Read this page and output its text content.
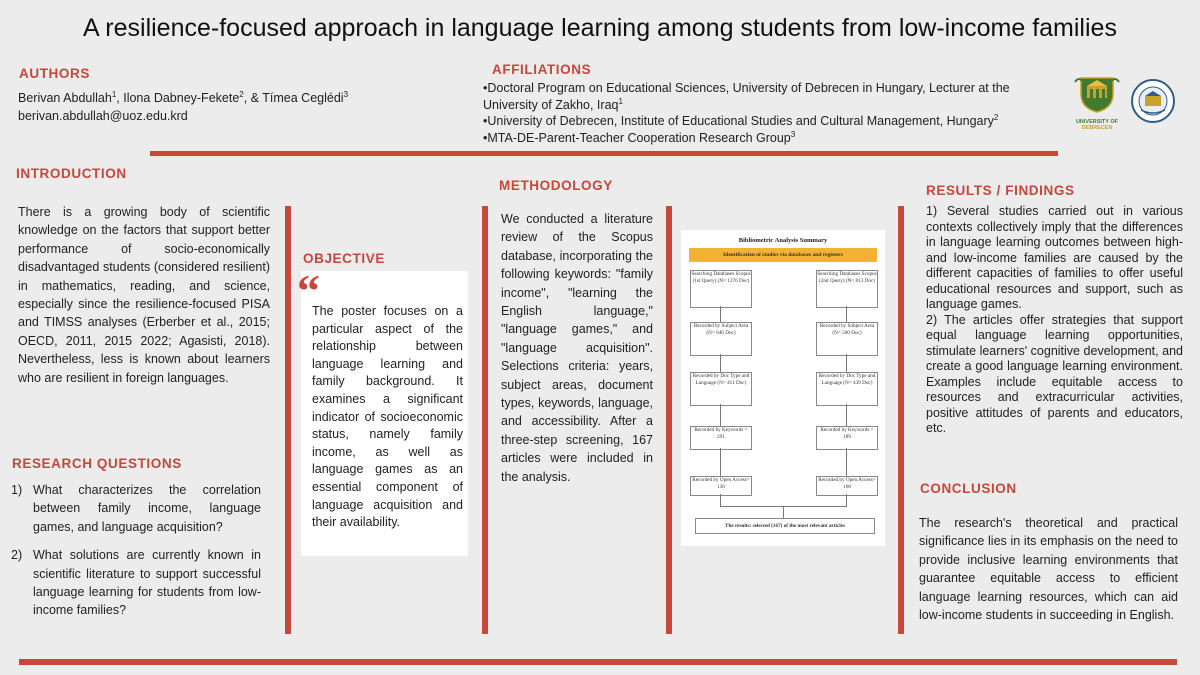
A resilience-focused approach in language learning among students from low-income families
AUTHORS
Berivan Abdullah$^1$, Ilona Dabney-Fekete$^2$, & Tímea Ceglédi$^3$
berivan.abdullah@uoz.edu.krd
AFFILIATIONS
•Doctoral Program on Educational Sciences, University of Debrecen in Hungary, Lecturer at the
University of Zakho, Iraq$^1$
•University of Debrecen, Institute of Educational Studies and Cultural Management, Hungary$^2$
•MTA-DE-Parent-Teacher Cooperation Research Group$^3$
UNIVERSITY OF
DEBRECEN
INTRODUCTION
There is a growing body of scientific knowledge on the factors that support better performance of socio-economically disadvantaged students (considered resilient) in mathematics, reading, and science, especially since the resilience-focused PISA and TIMSS analyses (Erberber et al., 2015; OECD, 2011, 2015 2022; Agasisti, 2018). Nevertheless, less is known about learners who are resilient in foreign languages.
RESEARCH QUESTIONS
1) What characterizes the correlation between family income, language games, and language acquisition?
2) What solutions are currently known in scientific literature to support successful language learning for students from low-income families?
OBJECTIVE
“
The poster focuses on a particular aspect of the relationship between language learning and family background. It examines a significant indicator of socioeconomic status, namely family income, as well as language games as an essential component of language acquisition and their availability.
METHODOLOGY
We conducted a literature review of the Scopus database, incorporating the following keywords: "family income", "learning the English language," "language games," and "language acquisition". Selections criteria: years, subject areas, document types, keywords, language, and accessibility. After a three-step screening, 167 articles were included in the analysis.
Bibliometric Analysis Summary
Identification of studies via databases and registers
Searching Databases Scopus (1st Query) (N= 1276 Doc)
Recorded by Subject Area (N= 646 Doc)
Recorded by Doc Type and Language (N= 411 Doc)
Recorded by Keywords = 291
Recorded by Open Access= 130
Searching Databases Scopus (2nd Query) (N= 813 Doc)
Recorded by Subject Area (N= 500 Doc)
Recorded by Doc Type and Language (N= 439 Doc)
Recorded by Keywords = 189
Recorded by Open Access= 168
The results: selected (167) of the most relevant articles
RESULTS / FINDINGS
1) Several studies carried out in various contexts collectively imply that the differences in language learning outcomes between high- and low-income families are caused by the different capacities of families to offer useful educational resources and support, such as language games.
2) The articles offer strategies that support equal language learning opportunities, stimulate learners' cognitive development, and create a good language learning environment. Examples include equitable access to resources and extracurricular activities, positive attitudes of parents and educators, etc.
CONCLUSION
The research's theoretical and practical significance lies in its emphasis on the need to provide inclusive learning environments that guarantee equitable access to efficient language learning resources, which can aid low-income students in succeeding in English.
